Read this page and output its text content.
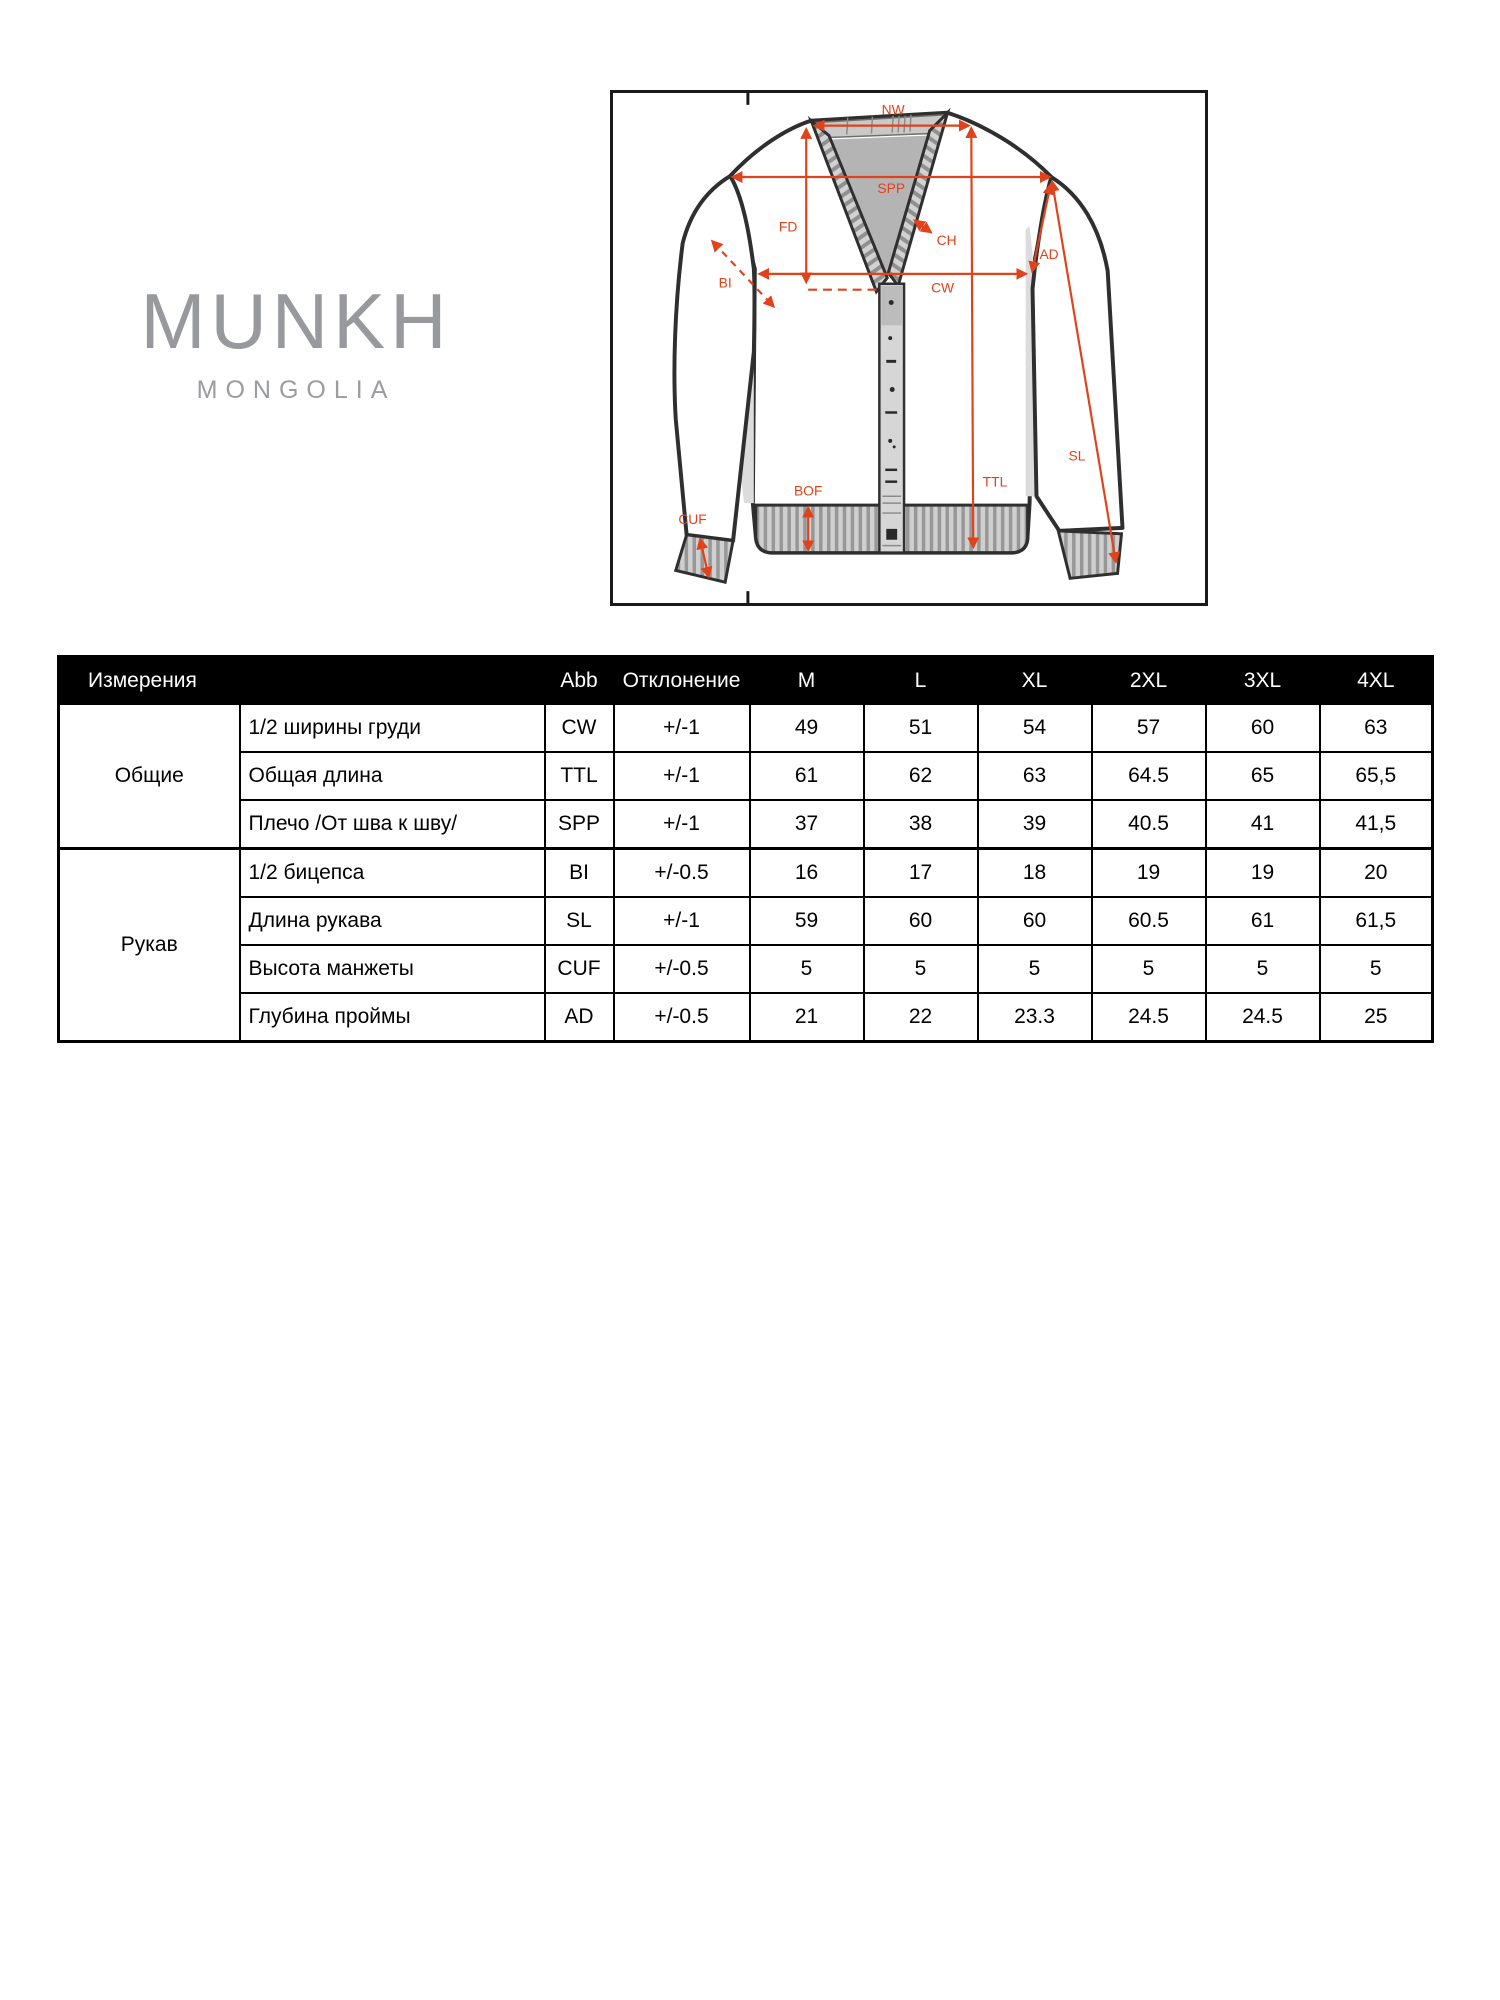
MUNKH
MONGOLIA
NW
SPP
FD
CH
BI	CW
AD
TTL
SL
BOF
CUF
Измерения		Abb	Отклонение	M	L	XL	2XL	3XL	4XL
Общие	1/2 ширины груди	CW	+/-1	49	51	54	57	60	63
	Общая длина	TTL	+/-1	61	62	63	64.5	65	65,5
	Плечо /От шва к шву/	SPP	+/-1	37	38	39	40.5	41	41,5
Рукав	1/2 бицепса	BI	+/-0.5	16	17	18	19	19	20
	Длина рукава	SL	+/-1	59	60	60	60.5	61	61,5
	Высота манжеты	CUF	+/-0.5	5	5	5	5	5	5
	Глубина проймы	AD	+/-0.5	21	22	23.3	24.5	24.5	25
